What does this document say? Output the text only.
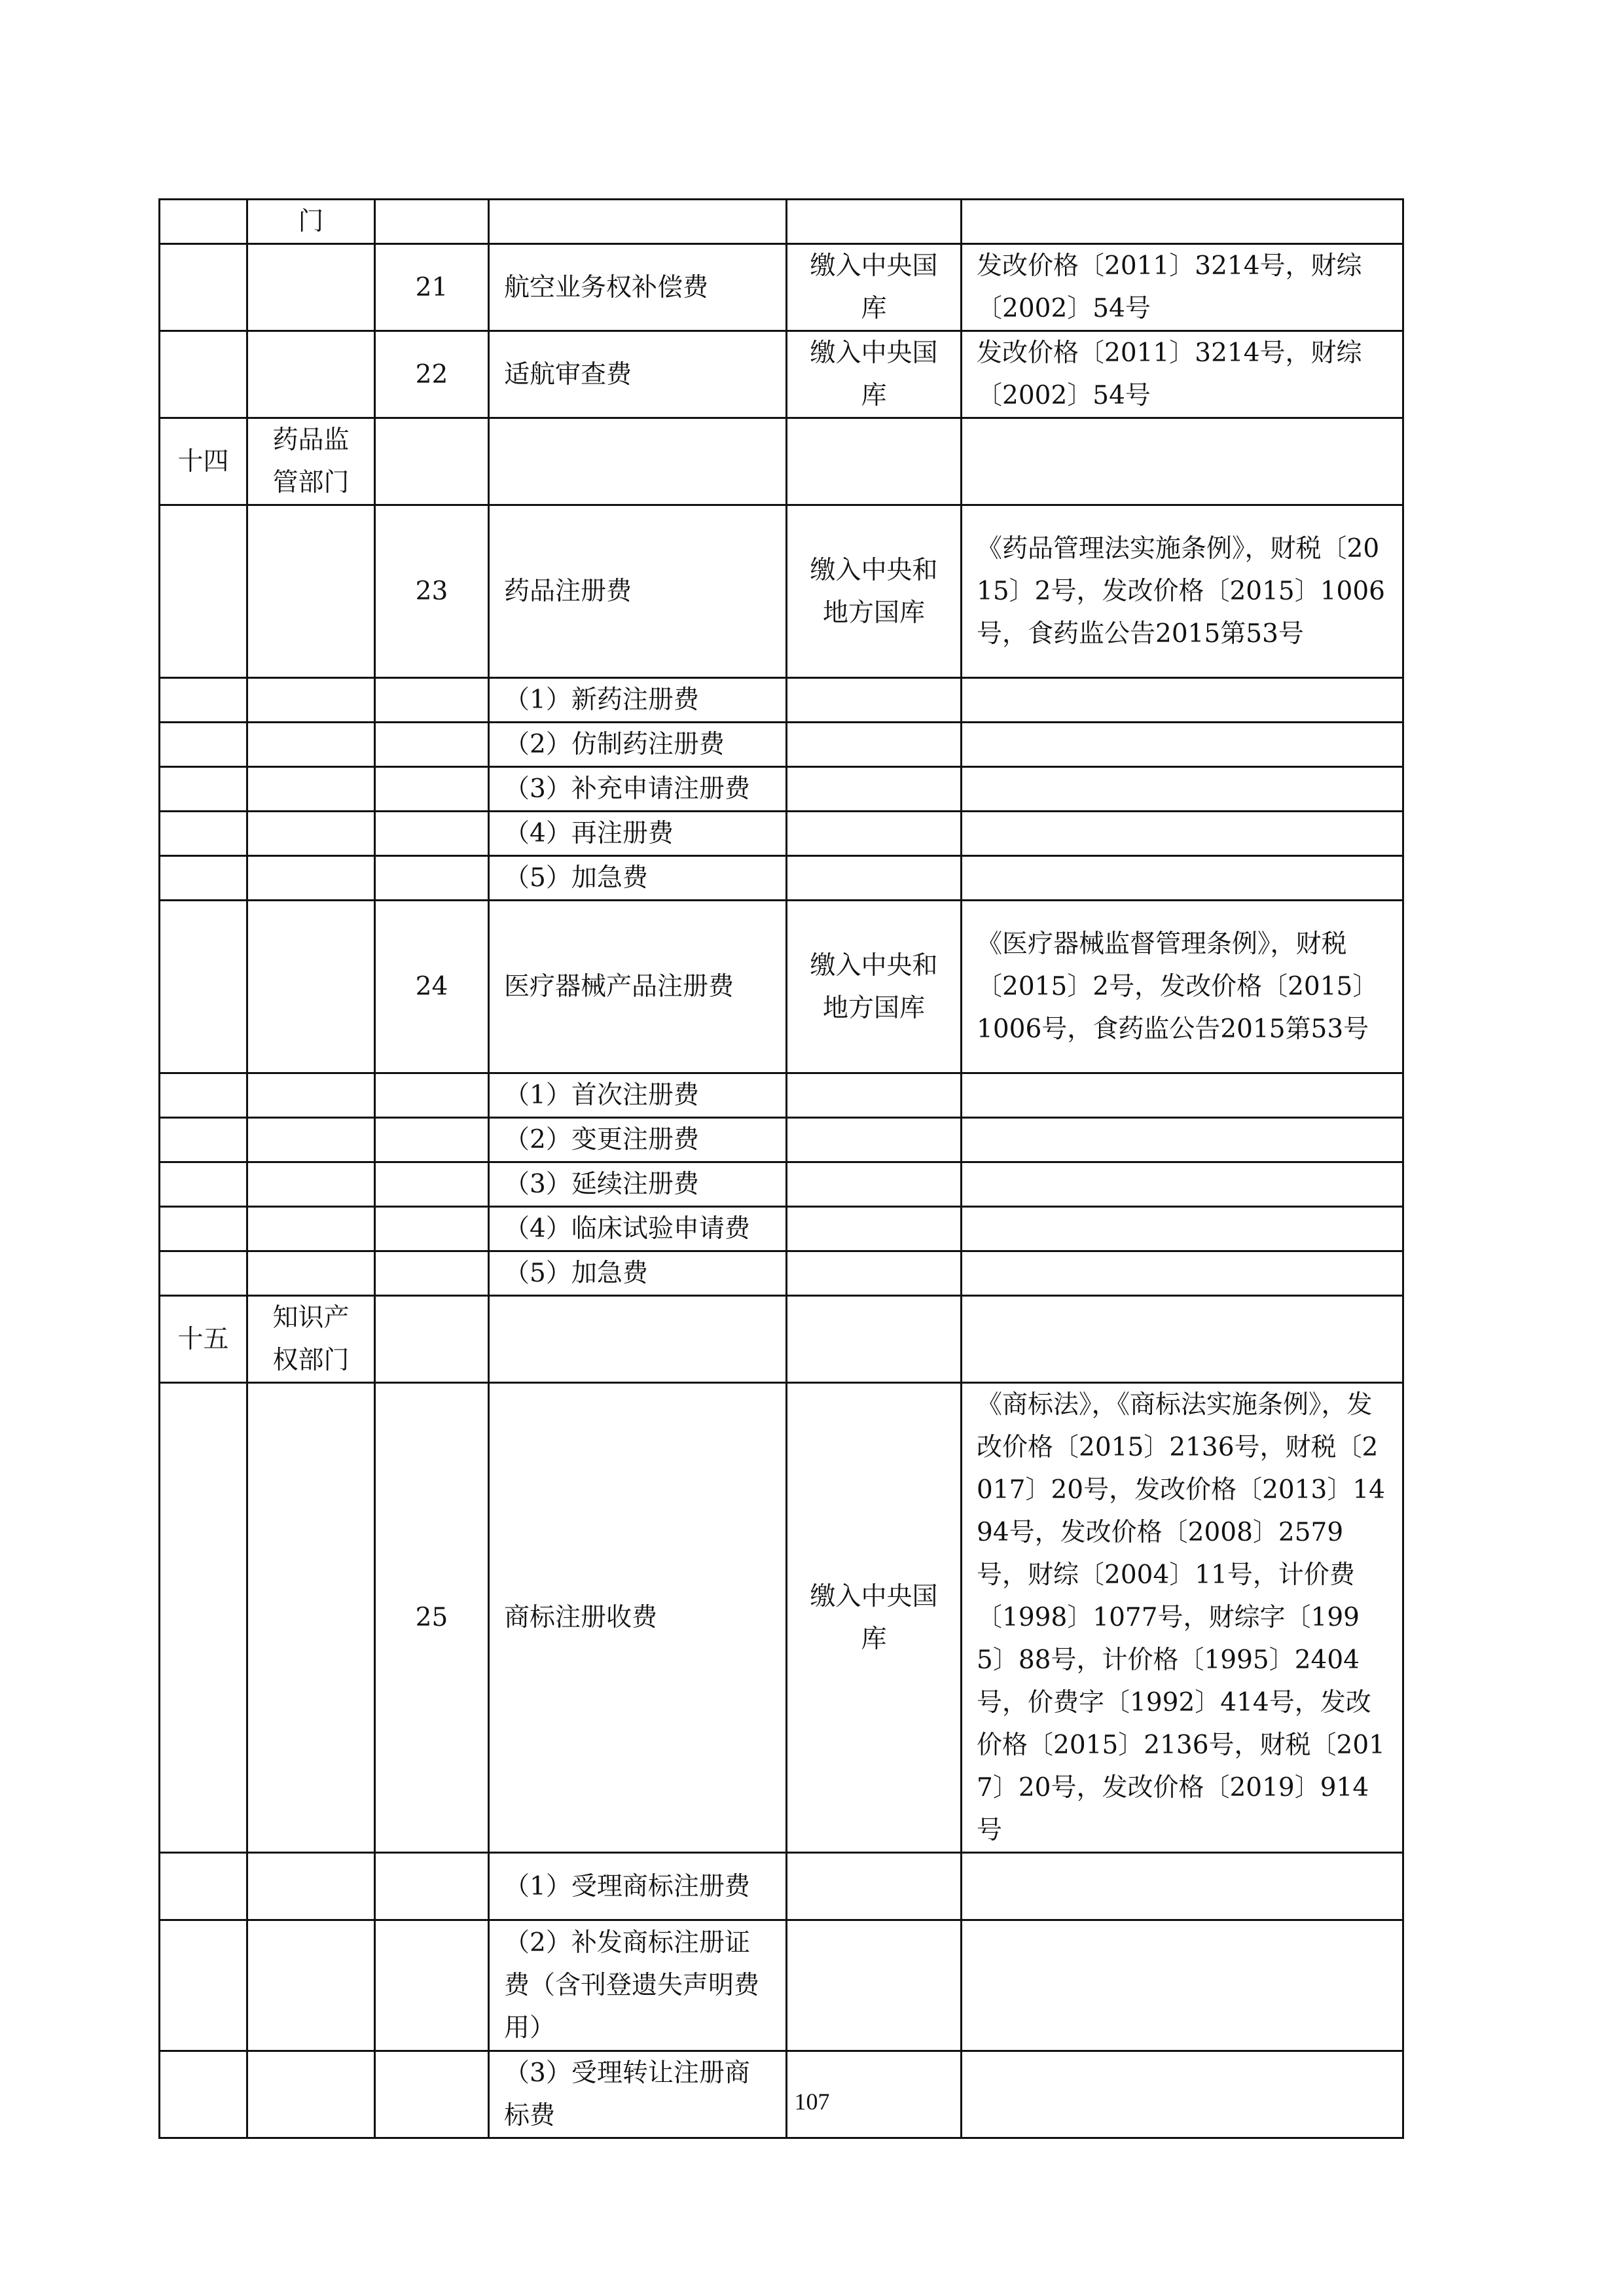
	门				
		21	航空业务权补偿费	缴入中央国库	发改价格〔2011〕3214号，财综〔2002〕54号
		22	适航审查费	缴入中央国库	发改价格〔2011〕3214号，财综〔2002〕54号
十四	药品监管部门				
		23	药品注册费	缴入中央和地方国库	《药品管理法实施条例》，财税〔2015〕2号，发改价格〔2015〕1006号，食药监公告2015第53号
			（1）新药注册费		
			（2）仿制药注册费		
			（3）补充申请注册费		
			（4）再注册费		
			（5）加急费		
		24	医疗器械产品注册费	缴入中央和地方国库	《医疗器械监督管理条例》，财税〔2015〕2号，发改价格〔2015〕1006号，食药监公告2015第53号
			（1）首次注册费		
			（2）变更注册费		
			（3）延续注册费		
			（4）临床试验申请费		
			（5）加急费		
十五	知识产权部门				
		25	商标注册收费	缴入中央国库	《商标法》，《商标法实施条例》，发改价格〔2015〕2136号，财税〔2017〕20号，发改价格〔2013〕1494号，发改价格〔2008〕2579号，财综〔2004〕11号，计价费〔1998〕1077号，财综字〔1995〕88号，计价格〔1995〕2404号，价费字〔1992〕414号，发改价格〔2015〕2136号，财税〔2017〕20号，发改价格〔2019〕914号
			（1）受理商标注册费		
			（2）补发商标注册证费（含刊登遗失声明费用）		
			（3）受理转让注册商标费			107
